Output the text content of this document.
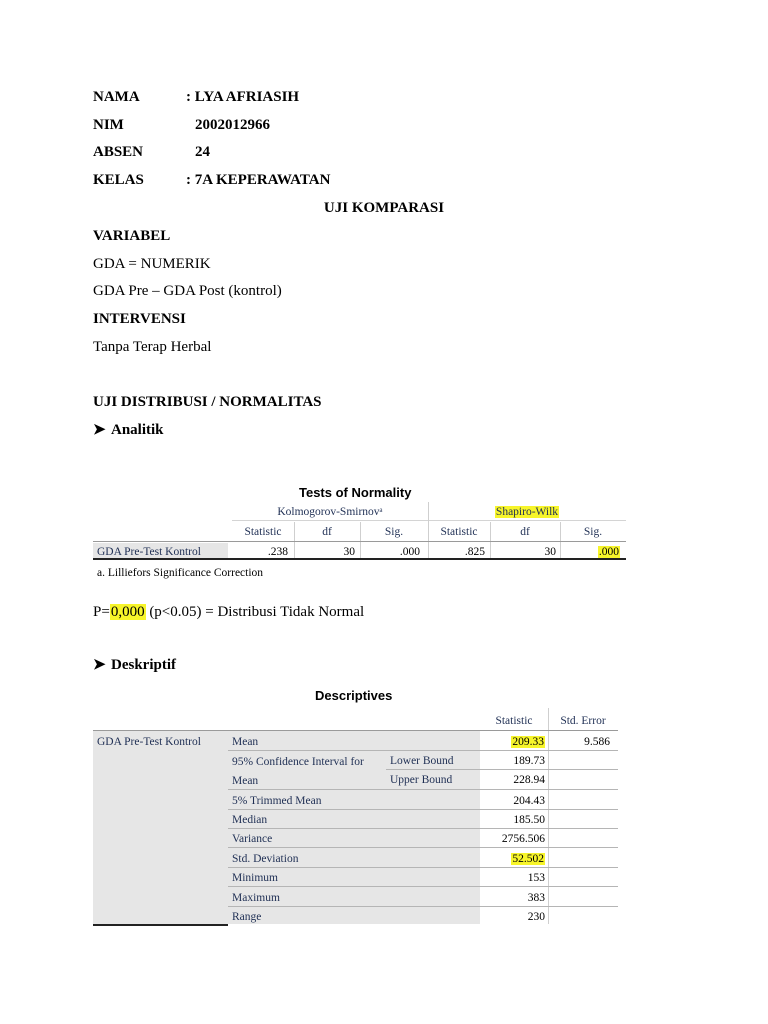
NAMA	: LYA AFRIASIH
NIM	2002012966
ABSEN	24
KELAS	: 7A KEPERAWATAN
UJI KOMPARASI
VARIABEL
GDA = NUMERIK
GDA Pre – GDA Post (kontrol)
INTERVENSI
Tanpa Terap Herbal
UJI DISTRIBUSI / NORMALITAS
➤ Analitik
Tests of Normality
Kolmogorov-Smirnovᵃ	Shapiro-Wilk
Statistic	df	Sig.	Statistic	df	Sig.
GDA Pre-Test Kontrol	.238	30	.000	.825	30	.000
a. Lilliefors Significance Correction
P=0,000 (p<0.05) = Distribusi Tidak Normal
➤ Deskriptif
Descriptives
Statistic	Std. Error
GDA Pre-Test Kontrol	Mean	209.33	9.586
95% Confidence Interval for
Mean
Lower Bound	189.73
Upper Bound	228.94
5% Trimmed Mean	204.43
Median	185.50
Variance	2756.506
Std. Deviation	52.502
Minimum	153
Maximum	383
Range	230
